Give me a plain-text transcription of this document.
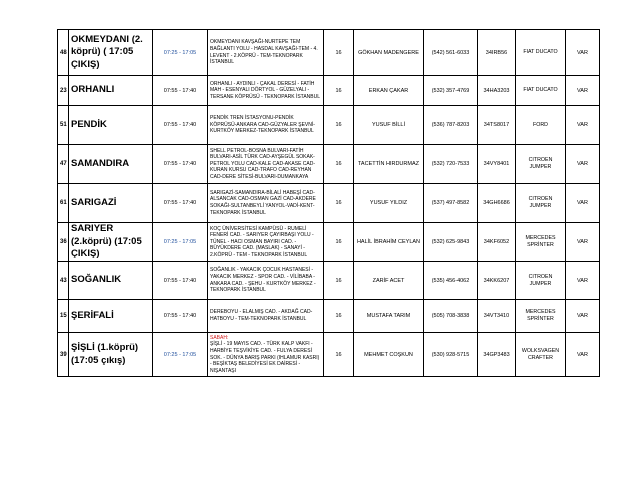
48	OKMEYDANI (2. köprü) ( 17:05 ÇIKIŞ)	07:25 - 17:05	OKMEYDANI KAVŞAĞI-NURTEPE TEM BAĞLANTI YOLU - HASDAL KAVŞAĞI-TEM - 4. LEVENT - 2.KÖPRÜ - TEM-TEKNOPARK İSTANBUL	16	GÖKHAN MADENGERE	(542) 561-6033	34IRB56	FIAT DUCATO	VAR
23	ORHANLI	07:55 - 17:40	ORHANLI - AYDINLI - ÇAKAL DERESİ - FATİH MAH - ESENYALI DÖRTYOL - GÜZELYALI - TERSANE KÖPRÜSÜ - TEKNOPARK İSTANBUL	16	ERKAN ÇAKAR	(532) 357-4769	34HA3203	FIAT DUCATO	VAR
51	PENDİK	07:55 - 17:40	PENDİK TREN İSTASYONU-PENDİK KÖPRÜSÜ-ANKARA CAD-GÜZYALER ŞEVNİ-KURTKÖY MERKEZ-TEKNOPARK İSTANBUL	16	YUSUF BİLLİ	(536) 787-8203	34TS8017	FORD	VAR
47	SAMANDIRA	07:55 - 17:40	SHELL PETROL-BOSNA BULVARI-FATİH BULVARI-ASİL TÜRK CAD-AYŞEGÜL SOKAK-PETROL YOLU CAD-KALE CAD-AKASE CAD-KURAN KURSU CAD-TRAFO CAD-REYHAN CAD-DERE SİTESİ-BULVARI-DUMANKAYA	16	TACETTİN HIRDURMAZ	(532) 720-7533	34VY8401	CITROEN JUMPER	VAR
61	SARIGAZİ	07:55 - 17:40	SARIGAZİ-SAMANDIRA-BİLALİ HABEŞİ CAD-ALSANCAK CAD-OSMAN GAZİ CAD-AKDERE SOKAĞI-SULTANBEYLİ YANYOL-VADİ-KENT-TEKNOPARK İSTANBUL	16	YUSUF YILDIZ	(537) 497-8582	34GH6686	CITROEN JUMPER	VAR
36	SARIYER (2.köprü) (17:05 ÇIKIŞ)	07:25 - 17:05	KOÇ ÜNİVERSİTESİ KAMPÜSÜ - RUMELİ FENERİ CAD. - SARIYER ÇAYIRBAŞI YOLU - TÜNEL - HACI OSMAN BAYIRI CAD. - BÜYÜKDERE CAD. (MASLAK) - SANAYİ - 2.KÖPRÜ - TEM - TEKNOPARK İSTANBUL	16	HALİL İBRAHİM CEYLAN	(532) 625-9843	34KF6052	MERCEDES SPRİNTER	VAR
43	SOĞANLIK	07:55 - 17:40	SOĞANLIK - YAKACIK ÇOCUK HASTANESİ - YAKACIK MERKEZ - SPOR CAD. - VİLİBABA - ANKARA CAD. - ŞEHU - KURTKÖY MERKEZ - TEKNOPARK İSTANBUL	16	ZARİF ACET	(535) 456-4062	34KK6207	CITROEN JUMPER	VAR
15	ŞERİFALİ	07:55 - 17:40	DEREBOYU - ELALMIŞ CAD. - AKDAĞ CAD-HATBOYU - TEM-TEKNOPARK İSTANBUL	16	MUSTAFA TARIM	(505) 708-3838	34VT3410	MERCEDES SPRİNTER	VAR
39	ŞİŞLİ (1.köprü) (17:05 çıkış)	07:25 - 17:05	SABAH:
ŞİŞLİ - 19 MAYIS CAD. - TÜRK KALP VAKFI - HARBİYE TEŞVİKİYE CAD. - FULYA DERESİ SOK. - DÜNYA BARIŞ PARKI (IHLAMUR KASRI) - BEŞİKTAŞ BELEDİYESİ EK DAİRESİ - NIŞANTAŞI	16	MEHMET COŞKUN	(530) 928-5715	34GP3483	WOLKSVAGEN CRAFTER	VAR
